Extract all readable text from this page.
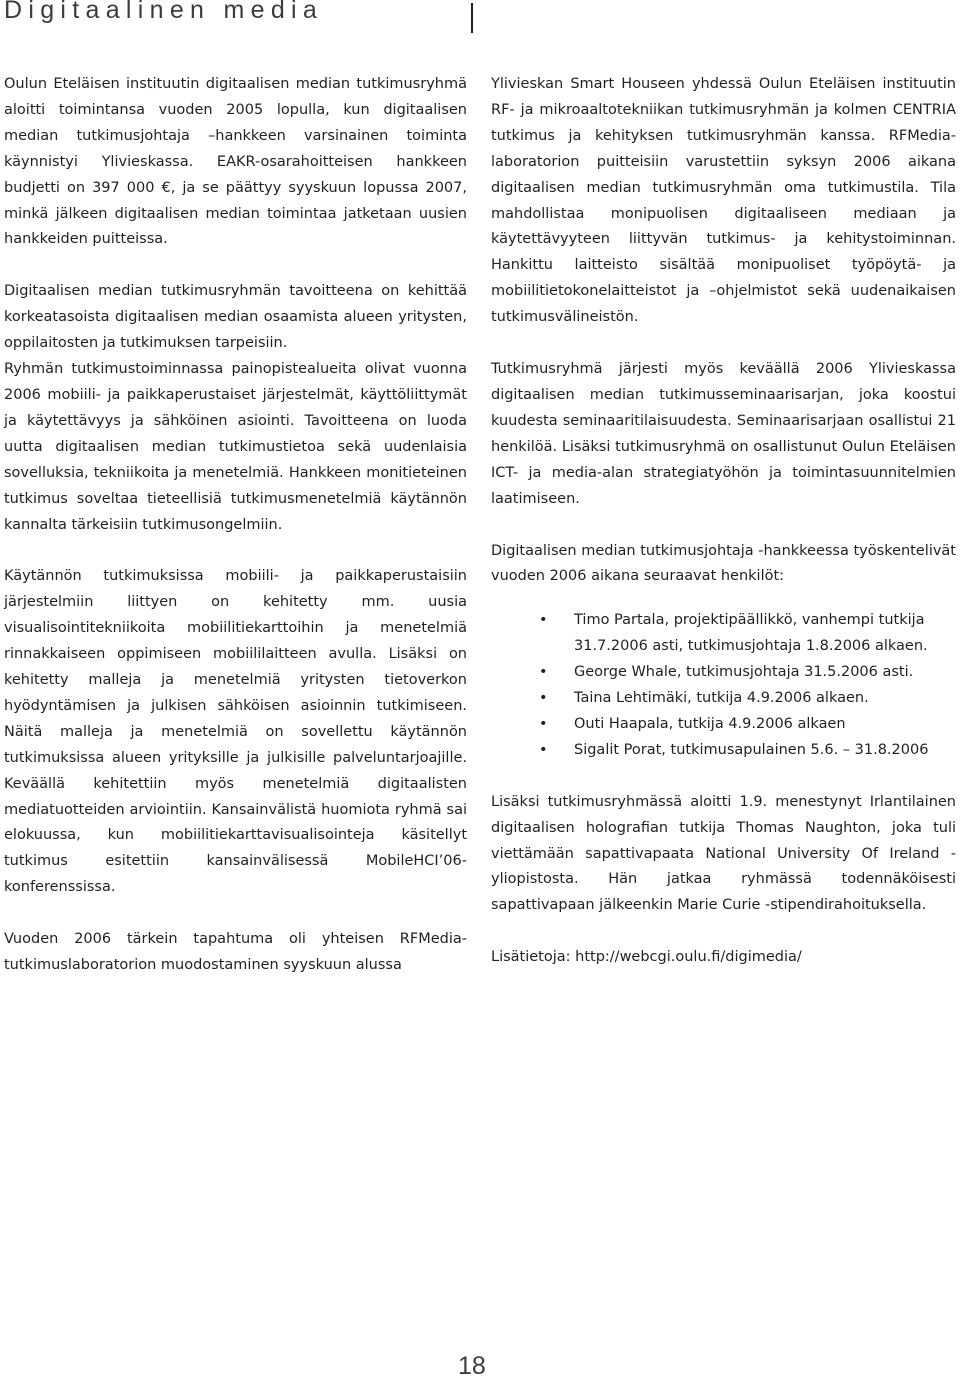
Digitaalinen media

Oulun Eteläisen instituutin digitaalisen median tutkimusryhmä aloitti toimintansa vuoden 2005 lopulla, kun digitaalisen median tutkimusjohtaja –hankkeen varsinainen toiminta käynnistyi Ylivieskassa. EAKR-osarahoitteisen hankkeen budjetti on 397 000 €, ja se päättyy syyskuun lopussa 2007, minkä jälkeen digitaalisen median toimintaa jatketaan uusien hankkeiden puitteissa.

Digitaalisen median tutkimusryhmän tavoitteena on kehittää korkeatasoista digitaalisen median osaamista alueen yritysten, oppilaitosten ja tutkimuksen tarpeisiin.

Ryhmän tutkimustoiminnassa painopistealueita olivat vuonna 2006 mobiili- ja paikkaperustaiset järjestelmät, käyttöliittymät ja käytettävyys ja sähköinen asiointi. Tavoitteena on luoda uutta digitaalisen median tutkimustietoa sekä uudenlaisia sovelluksia, tekniikoita ja menetelmiä. Hankkeen monitieteinen tutkimus soveltaa tieteellisiä tutkimusmenetelmiä käytännön kannalta tärkeisiin tutkimusongelmiin.

Käytännön tutkimuksissa mobiili- ja paikkaperustaisiin järjestelmiin liittyen on kehitetty mm. uusia visualisointitekniikoita mobiilitiekarttoihin ja menetelmiä rinnakkaiseen oppimiseen mobiililaitteen avulla. Lisäksi on kehitetty malleja ja menetelmiä yritysten tietoverkon hyödyntämisen ja julkisen sähköisen asioinnin tutkimiseen. Näitä malleja ja menetelmiä on sovellettu käytännön tutkimuksissa alueen yrityksille ja julkisille palveluntarjoajille. Keväällä kehitettiin myös menetelmiä digitaalisten mediatuotteiden arviointiin. Kansainvälistä huomiota ryhmä sai elokuussa, kun mobiilitiekarttavisualisointeja käsitellyt tutkimus esitettiin kansainvälisessä MobileHCI’06-konferenssissa.

Vuoden 2006 tärkein tapahtuma oli yhteisen RFMedia-tutkimuslaboratorion muodostaminen syyskuun alussa

Ylivieskan Smart Houseen yhdessä Oulun Eteläisen instituutin RF- ja mikroaaltotekniikan tutkimusryhmän ja kolmen CENTRIA tutkimus ja kehityksen tutkimusryhmän kanssa. RFMedia-laboratorion puitteisiin varustettiin syksyn 2006 aikana digitaalisen median tutkimusryhmän oma tutkimustila. Tila mahdollistaa monipuolisen digitaaliseen mediaan ja käytettävyyteen liittyvän tutkimus- ja kehitystoiminnan. Hankittu laitteisto sisältää monipuoliset työpöytä- ja mobiilitietokonelaitteistot ja –ohjelmistot sekä uudenaikaisen tutkimusvälineistön.

Tutkimusryhmä järjesti myös keväällä 2006 Ylivieskassa digitaalisen median tutkimusseminaarisarjan, joka koostui kuudesta seminaaritilaisuudesta. Seminaarisarjaan osallistui 21 henkilöä. Lisäksi tutkimusryhmä on osallistunut Oulun Eteläisen ICT- ja media-alan strategiatyöhön ja toimintasuunnitelmien laatimiseen.

Digitaalisen median tutkimusjohtaja -hankkeessa työskentelivät vuoden 2006 aikana seuraavat henkilöt:

• Timo Partala, projektipäällikkö, vanhempi tutkija 31.7.2006 asti, tutkimusjohtaja 1.8.2006 alkaen.
• George Whale, tutkimusjohtaja 31.5.2006 asti.
• Taina Lehtimäki, tutkija 4.9.2006 alkaen.
• Outi Haapala, tutkija 4.9.2006 alkaen
• Sigalit Porat, tutkimusapulainen 5.6. – 31.8.2006

Lisäksi tutkimusryhmässä aloitti 1.9. menestynyt Irlantilainen digitaalisen holografian tutkija Thomas Naughton, joka tuli viettämään sapattivapaata National University Of Ireland -yliopistosta. Hän jatkaa ryhmässä todennäköisesti sapattivapaan jälkeenkin Marie Curie -stipendirahoituksella.

Lisätietoja: http://webcgi.oulu.fi/digimedia/

18
